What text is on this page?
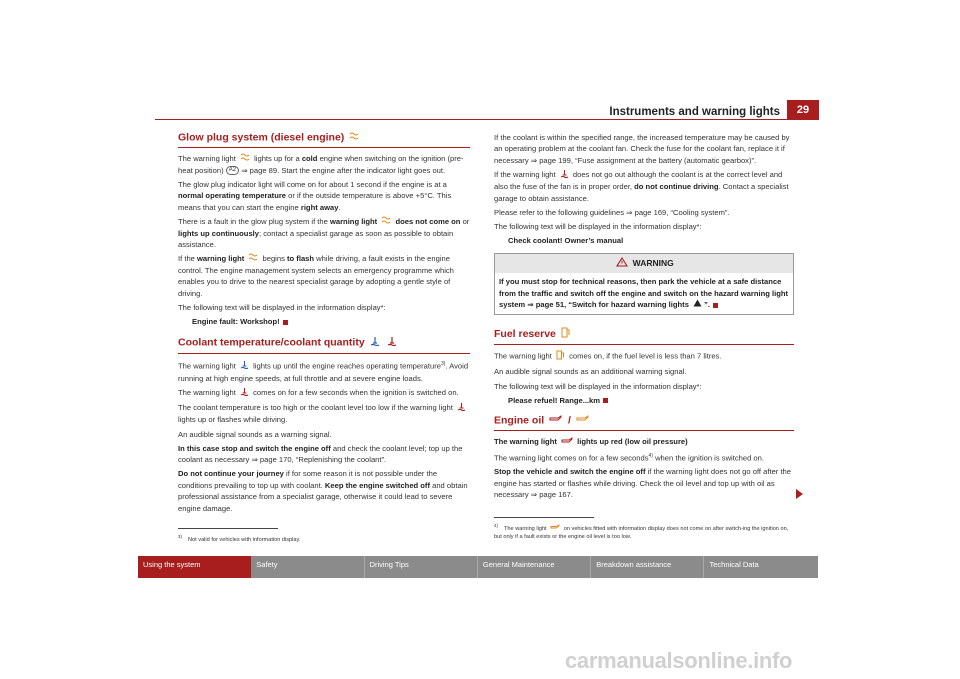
Instruments and warning lights	29
Glow plug system (diesel engine)

The warning light lights up for a cold engine when switching on the ignition (pre-heat position) A2 ⇒ page 89. Start the engine after the indicator light goes out.

The glow plug indicator light will come on for about 1 second if the engine is at a normal operating temperature or if the outside temperature is above +5°C. This means that you can start the engine right away.

There is a fault in the glow plug system if the warning light does not come on or lights up continuously; contact a specialist garage as soon as possible to obtain assistance.

If the warning light begins to flash while driving, a fault exists in the engine control. The engine management system selects an emergency programme which enables you to drive to the nearest specialist garage by adopting a gentle style of driving.

The following text will be displayed in the information display*:

Engine fault: Workshop!

Coolant temperature/coolant quantity

The warning light lights up until the engine reaches operating temperature$^{3)}$. Avoid running at high engine speeds, at full throttle and at severe engine loads.

The warning light comes on for a few seconds when the ignition is switched on.

The coolant temperature is too high or the coolant level too low if the warning light  lights up or flashes while driving.

An audible signal sounds as a warning signal.

In this case stop and switch the engine off and check the coolant level; top up the coolant as necessary ⇒ page 170, “Replenishing the coolant”.

Do not continue your journey if for some reason it is not possible under the conditions prevailing to top up with coolant. Keep the engine switched off and obtain professional assistance from a specialist garage, otherwise it could lead to severe engine damage.

$^{3)}$Not valid for vehicles with information display.

If the coolant is within the specified range, the increased temperature may be caused by an operating problem at the coolant fan. Check the fuse for the coolant fan, replace it if necessary ⇒ page 199, “Fuse assignment at the battery (automatic gearbox)”.

If the warning light does not go out although the coolant is at the correct level and also the fuse of the fan is in proper order, do not continue driving. Contact a specialist garage to obtain assistance.

Please refer to the following guidelines ⇒ page 169, “Cooling system”.

The following text will be displayed in the information display*:

Check coolant! Owner’s manual

WARNING
If you must stop for technical reasons, then park the vehicle at a safe distance from the traffic and switch off the engine and switch on the hazard warning light system ⇒ page 51, “Switch for hazard warning lights ”.
Fuel reserve

The warning light comes on, if the fuel level is less than 7 litres.

An audible signal sounds as an additional warning signal.

The following text will be displayed in the information display*:

Please refuel! Range...km

Engine oil /

The warning light	lights up red (low oil pressure)

The warning light comes on for a few seconds$^{4)}$ when the ignition is switched on.

Stop the vehicle and switch the engine off if the warning light does not go off after the engine has started or flashes while driving. Check the oil level and top up with oil as necessary ⇒ page 167.

$^{4)}$The warning light	on vehicles fitted with information display does not come on after switch-ing the ignition on, but only if a fault exists or the engine oil level is too low.
Using the system	Safety	Driving Tips	General Maintenance	Breakdown assistance	Technical Data
carmanualsonline.info
